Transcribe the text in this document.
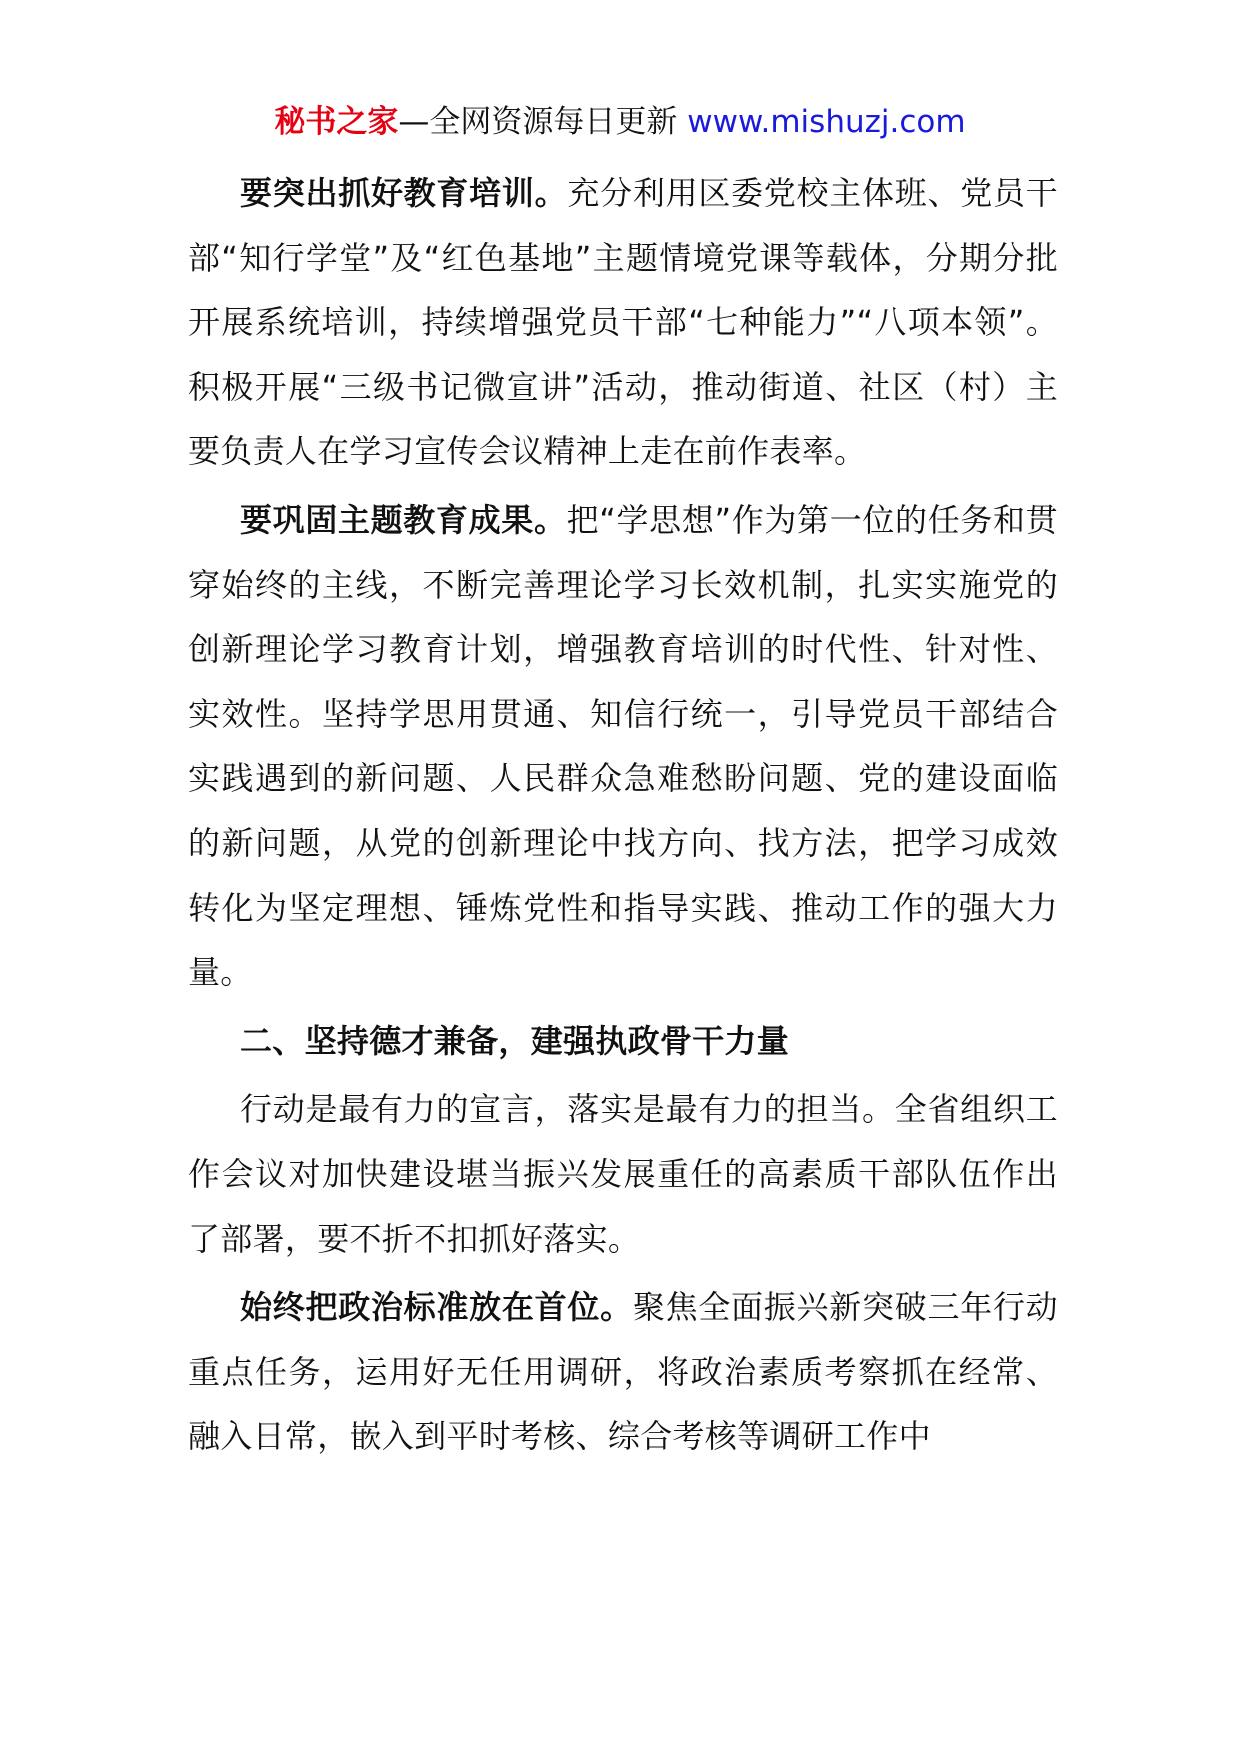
秘书之家—全网资源每日更新 www.mishuzj.com

要突出抓好教育培训。充分利用区委党校主体班、党员干部“知行学堂”及“红色基地”主题情境党课等载体，分期分批开展系统培训，持续增强党员干部“七种能力”“八项本领”。积极开展“三级书记微宣讲”活动，推动街道、社区（村）主要负责人在学习宣传会议精神上走在前作表率。

要巩固主题教育成果。把“学思想”作为第一位的任务和贯穿始终的主线，不断完善理论学习长效机制，扎实实施党的创新理论学习教育计划，增强教育培训的时代性、针对性、实效性。坚持学思用贯通、知信行统一，引导党员干部结合实践遇到的新问题、人民群众急难愁盼问题、党的建设面临的新问题，从党的创新理论中找方向、找方法，把学习成效转化为坚定理想、锤炼党性和指导实践、推动工作的强大力量。

二、坚持德才兼备，建强执政骨干力量

行动是最有力的宣言，落实是最有力的担当。全省组织工作会议对加快建设堪当振兴发展重任的高素质干部队伍作出了部署，要不折不扣抓好落实。

始终把政治标准放在首位。聚焦全面振兴新突破三年行动重点任务，运用好无任用调研，将政治素质考察抓在经常、融入日常，嵌入到平时考核、综合考核等调研工作中
